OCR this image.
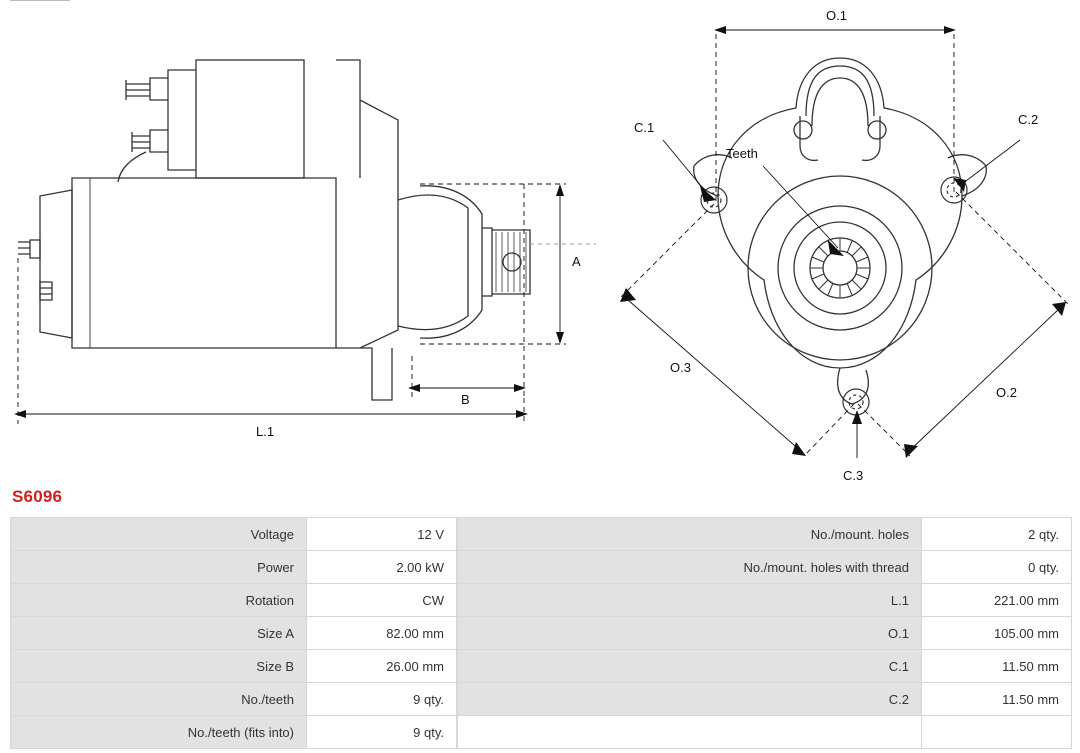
A
B
L.1
O.1
O.2
O.3
C.1
C.2
C.3
Teeth
S6096
Voltage	12 V
Power	2.00 kW
Rotation	CW
Size A	82.00 mm
Size B	26.00 mm
No./teeth	9 qty.
No./teeth (fits into)	9 qty.
No./mount. holes	2 qty.
No./mount. holes with thread	0 qty.
L.1	221.00 mm
O.1	105.00 mm
C.1	11.50 mm
C.2	11.50 mm
